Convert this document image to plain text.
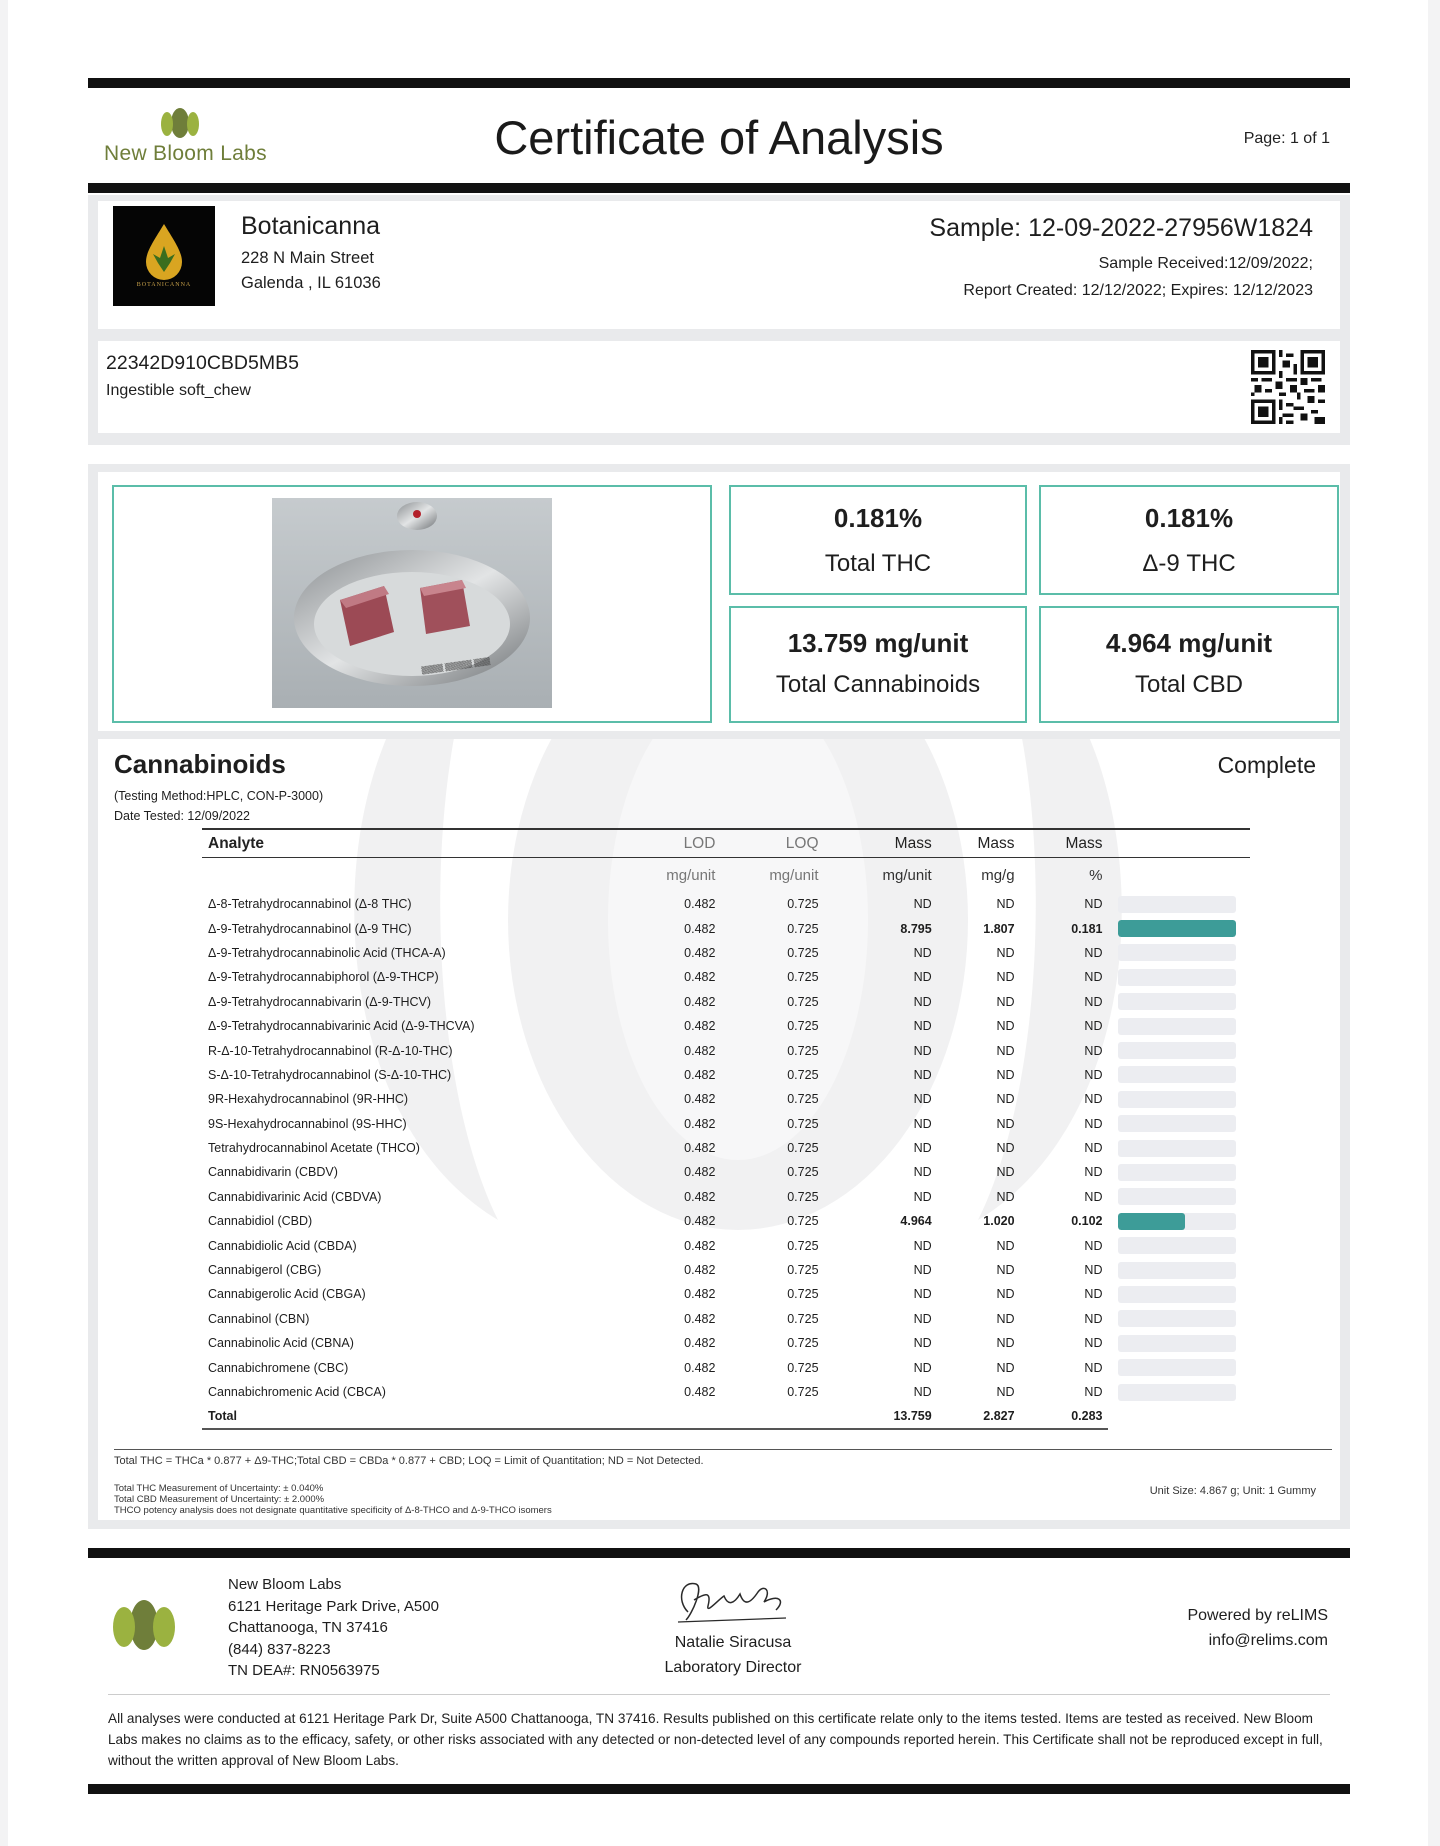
New Bloom Labs	Certificate of Analysis	Page: 1 of 1
BOTANICANNA
Botanicanna
228 N Main Street
Galenda , IL 61036
Sample: 12-09-2022-27956W1824
Sample Received:12/09/2022;
Report Created: 12/12/2022; Expires: 12/12/2023
22342D910CBD5MB5
Ingestible soft_chew
▒▒▒▒ ▒▒▒▒▒ ▒▒▒
0.181%
Total THC
0.181%
Δ-9 THC
13.759 mg/unit
Total Cannabinoids
4.964 mg/unit
Total CBD
Cannabinoids	Complete
(Testing Method:HPLC, CON-P-3000)
Date Tested: 12/09/2022
Analyte	LOD	LOQ	Mass	Mass	Mass	
	mg/unit	mg/unit	mg/unit	mg/g	%	
Δ-8-Tetrahydrocannabinol (Δ-8 THC)	0.482	0.725	ND	ND	ND	

Δ-9-Tetrahydrocannabinol (Δ-9 THC)	0.482	0.725	8.795	1.807	0.181	

Δ-9-Tetrahydrocannabinolic Acid (THCA-A)	0.482	0.725	ND	ND	ND	

Δ-9-Tetrahydrocannabiphorol (Δ-9-THCP)	0.482	0.725	ND	ND	ND	

Δ-9-Tetrahydrocannabivarin (Δ-9-THCV)	0.482	0.725	ND	ND	ND	

Δ-9-Tetrahydrocannabivarinic Acid (Δ-9-THCVA)	0.482	0.725	ND	ND	ND	

R-Δ-10-Tetrahydrocannabinol (R-Δ-10-THC)	0.482	0.725	ND	ND	ND	

S-Δ-10-Tetrahydrocannabinol (S-Δ-10-THC)	0.482	0.725	ND	ND	ND	

9R-Hexahydrocannabinol (9R-HHC)	0.482	0.725	ND	ND	ND	

9S-Hexahydrocannabinol (9S-HHC)	0.482	0.725	ND	ND	ND	

Tetrahydrocannabinol Acetate (THCO)	0.482	0.725	ND	ND	ND	

Cannabidivarin (CBDV)	0.482	0.725	ND	ND	ND	

Cannabidivarinic Acid (CBDVA)	0.482	0.725	ND	ND	ND	

Cannabidiol (CBD)	0.482	0.725	4.964	1.020	0.102	

Cannabidiolic Acid (CBDA)	0.482	0.725	ND	ND	ND	

Cannabigerol (CBG)	0.482	0.725	ND	ND	ND	

Cannabigerolic Acid (CBGA)	0.482	0.725	ND	ND	ND	

Cannabinol (CBN)	0.482	0.725	ND	ND	ND	

Cannabinolic Acid (CBNA)	0.482	0.725	ND	ND	ND	

Cannabichromene (CBC)	0.482	0.725	ND	ND	ND	

Cannabichromenic Acid (CBCA)	0.482	0.725	ND	ND	ND	

Total			13.759	2.827	0.283	
Total THC = THCa * 0.877 + Δ9-THC;Total CBD = CBDa * 0.877 + CBD; LOQ = Limit of Quantitation; ND = Not Detected.
Total THC Measurement of Uncertainty: ± 0.040%
Total CBD Measurement of Uncertainty: ± 2.000%
THCO potency analysis does not designate quantitative specificity of Δ-8-THCO and Δ-9-THCO isomers
Unit Size: 4.867 g; Unit: 1 Gummy
New Bloom Labs
6121 Heritage Park Drive, A500
Chattanooga, TN 37416
(844) 837-8223
TN DEA#: RN0563975
Natalie Siracusa
Laboratory Director
Powered by reLIMS
info@relims.com
All analyses were conducted at 6121 Heritage Park Dr, Suite A500 Chattanooga, TN 37416. Results published on this certificate relate only to the items tested. Items are tested as received. New Bloom Labs makes no claims as to the efficacy, safety, or other risks associated with any detected or non-detected level of any compounds reported herein. This Certificate shall not be reproduced except in full, without the written approval of New Bloom Labs.
